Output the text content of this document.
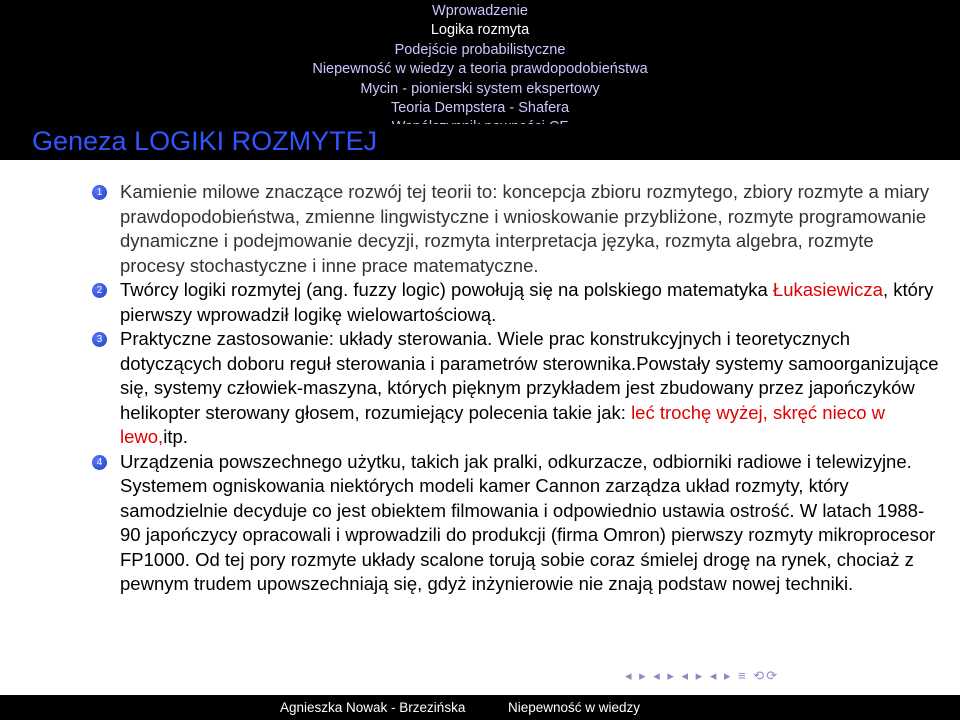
Wprowadzenie
Logika rozmyta
Podejście probabilistyczne
Niepewność w wiedzy a teoria prawdopodobieństwa
Mycin - pionierski system ekspertowy
Teoria Dempstera - Shafera
Geneza LOGIKI ROZMYTEJ
1 Kamienie milowe znaczące rozwój tej teorii to: koncepcja zbioru rozmytego, zbiory rozmyte a miary prawdopodobieństwa, zmienne lingwistyczne i wnioskowanie przybliżone, rozmyte programowanie dynamiczne i podejmowanie decyzji, rozmyta interpretacja języka, rozmyta algebra, rozmyte procesy stochastyczne i inne prace matematyczne.
2 Twórcy logiki rozmytej (ang. fuzzy logic) powołują się na polskiego matematyka Łukasiewicza, który pierwszy wprowadził logikę wielowartościową.
3 Praktyczne zastosowanie: układy sterowania. Wiele prac konstrukcyjnych i teoretycznych dotyczących doboru reguł sterowania i parametrów sterownika.Powstały systemy samoorganizujące się, systemy człowiek-maszyna, których pięknym przykładem jest zbudowany przez japończyków helikopter sterowany głosem, rozumiejący polecenia takie jak: leć trochę wyżej, skręć nieco w lewo,itp.
4 Urządzenia powszechnego użytku, takich jak pralki, odkurzacze, odbiorniki radiowe i telewizyjne. Systemem ogniskowania niektórych modeli kamer Cannon zarządza układ rozmyty, który samodzielnie decyduje co jest obiektem filmowania i odpowiednio ustawia ostrość. W latach 1988-90 japończycy opracowali i wprowadzili do produkcji (firma Omron) pierwszy rozmyty mikroprocesor FP1000. Od tej pory rozmyte układy scalone torują sobie coraz śmielej drogę na rynek, chociaż z pewnym trudem upowszechniają się, gdyż inżynierowie nie znają podstaw nowej techniki.
◂ ▸ ◂ ▸ ◂ ▸ ◂ ▸ ≡ ⟲⟳
Agnieszka Nowak - Brzezińska	Niepewność w wiedzy
